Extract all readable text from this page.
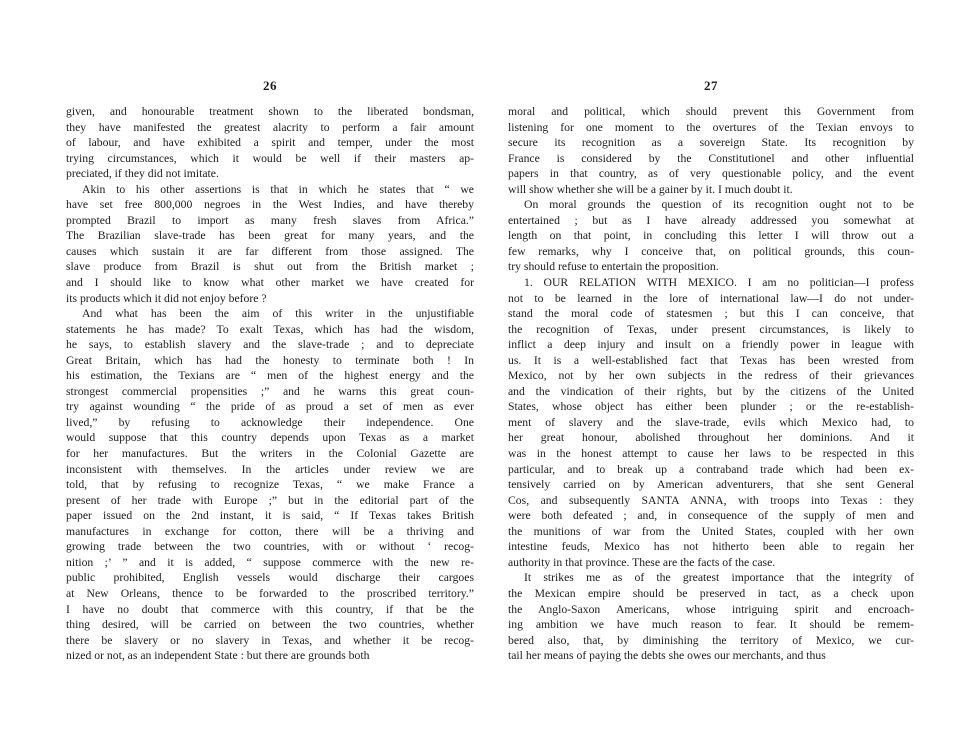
26
given, and honourable treatment shown to the liberated bondsman,
they have manifested the greatest alacrity to perform a fair amount
of labour, and have exhibited a spirit and temper, under the most
trying circumstances, which it would be well if their masters ap-
preciated, if they did not imitate.
Akin to his other assertions is that in which he states that “ we
have set free 800,000 negroes in the West Indies, and have thereby
prompted Brazil to import as many fresh slaves from Africa.”
The Brazilian slave-trade has been great for many years, and the
causes which sustain it are far different from those assigned. The
slave produce from Brazil is shut out from the British market ;
and I should like to know what other market we have created for
its products which it did not enjoy before ?
And what has been the aim of this writer in the unjustifiable
statements he has made? To exalt Texas, which has had the wisdom,
he says, to establish slavery and the slave-trade ; and to depreciate
Great Britain, which has had the honesty to terminate both ! In
his estimation, the Texians are “ men of the highest energy and the
strongest commercial propensities ;” and he warns this great coun-
try against wounding “ the pride of as proud a set of men as ever
lived,” by refusing to acknowledge their independence. One
would suppose that this country depends upon Texas as a market
for her manufactures. But the writers in the Colonial Gazette are
inconsistent with themselves. In the articles under review we are
told, that by refusing to recognize Texas, “ we make France a
present of her trade with Europe ;” but in the editorial part of the
paper issued on the 2nd instant, it is said, “ If Texas takes British
manufactures in exchange for cotton, there will be a thriving and
growing trade between the two countries, with or without ‘ recog-
nition ;’ ” and it is added, “ suppose commerce with the new re-
public prohibited, English vessels would discharge their cargoes
at New Orleans, thence to be forwarded to the proscribed territory.”
I have no doubt that commerce with this country, if that be the
thing desired, will be carried on between the two countries, whether
there be slavery or no slavery in Texas, and whether it be recog-
nized or not, as an independent State : but there are grounds both
27
moral and political, which should prevent this Government from
listening for one moment to the overtures of the Texian envoys to
secure its recognition as a sovereign State. Its recognition by
France is considered by the Constitutionel and other influential
papers in that country, as of very questionable policy, and the event
will show whether she will be a gainer by it. I much doubt it.
On moral grounds the question of its recognition ought not to be
entertained ; but as I have already addressed you somewhat at
length on that point, in concluding this letter I will throw out a
few remarks, why I conceive that, on political grounds, this coun-
try should refuse to entertain the proposition.
1. OUR RELATION WITH MEXICO. I am no politician—I profess
not to be learned in the lore of international law—I do not under-
stand the moral code of statesmen ; but this I can conceive, that
the recognition of Texas, under present circumstances, is likely to
inflict a deep injury and insult on a friendly power in league with
us. It is a well-established fact that Texas has been wrested from
Mexico, not by her own subjects in the redress of their grievances
and the vindication of their rights, but by the citizens of the United
States, whose object has either been plunder ; or the re-establish-
ment of slavery and the slave-trade, evils which Mexico had, to
her great honour, abolished throughout her dominions. And it
was in the honest attempt to cause her laws to be respected in this
particular, and to break up a contraband trade which had been ex-
tensively carried on by American adventurers, that she sent General
Cos, and subsequently SANTA ANNA, with troops into Texas : they
were both defeated ; and, in consequence of the supply of men and
the munitions of war from the United States, coupled with her own
intestine feuds, Mexico has not hitherto been able to regain her
authority in that province. These are the facts of the case.
It strikes me as of the greatest importance that the integrity of
the Mexican empire should be preserved in tact, as a check upon
the Anglo-Saxon Americans, whose intriguing spirit and encroach-
ing ambition we have much reason to fear. It should be remem-
bered also, that, by diminishing the territory of Mexico, we cur-
tail her means of paying the debts she owes our merchants, and thus
